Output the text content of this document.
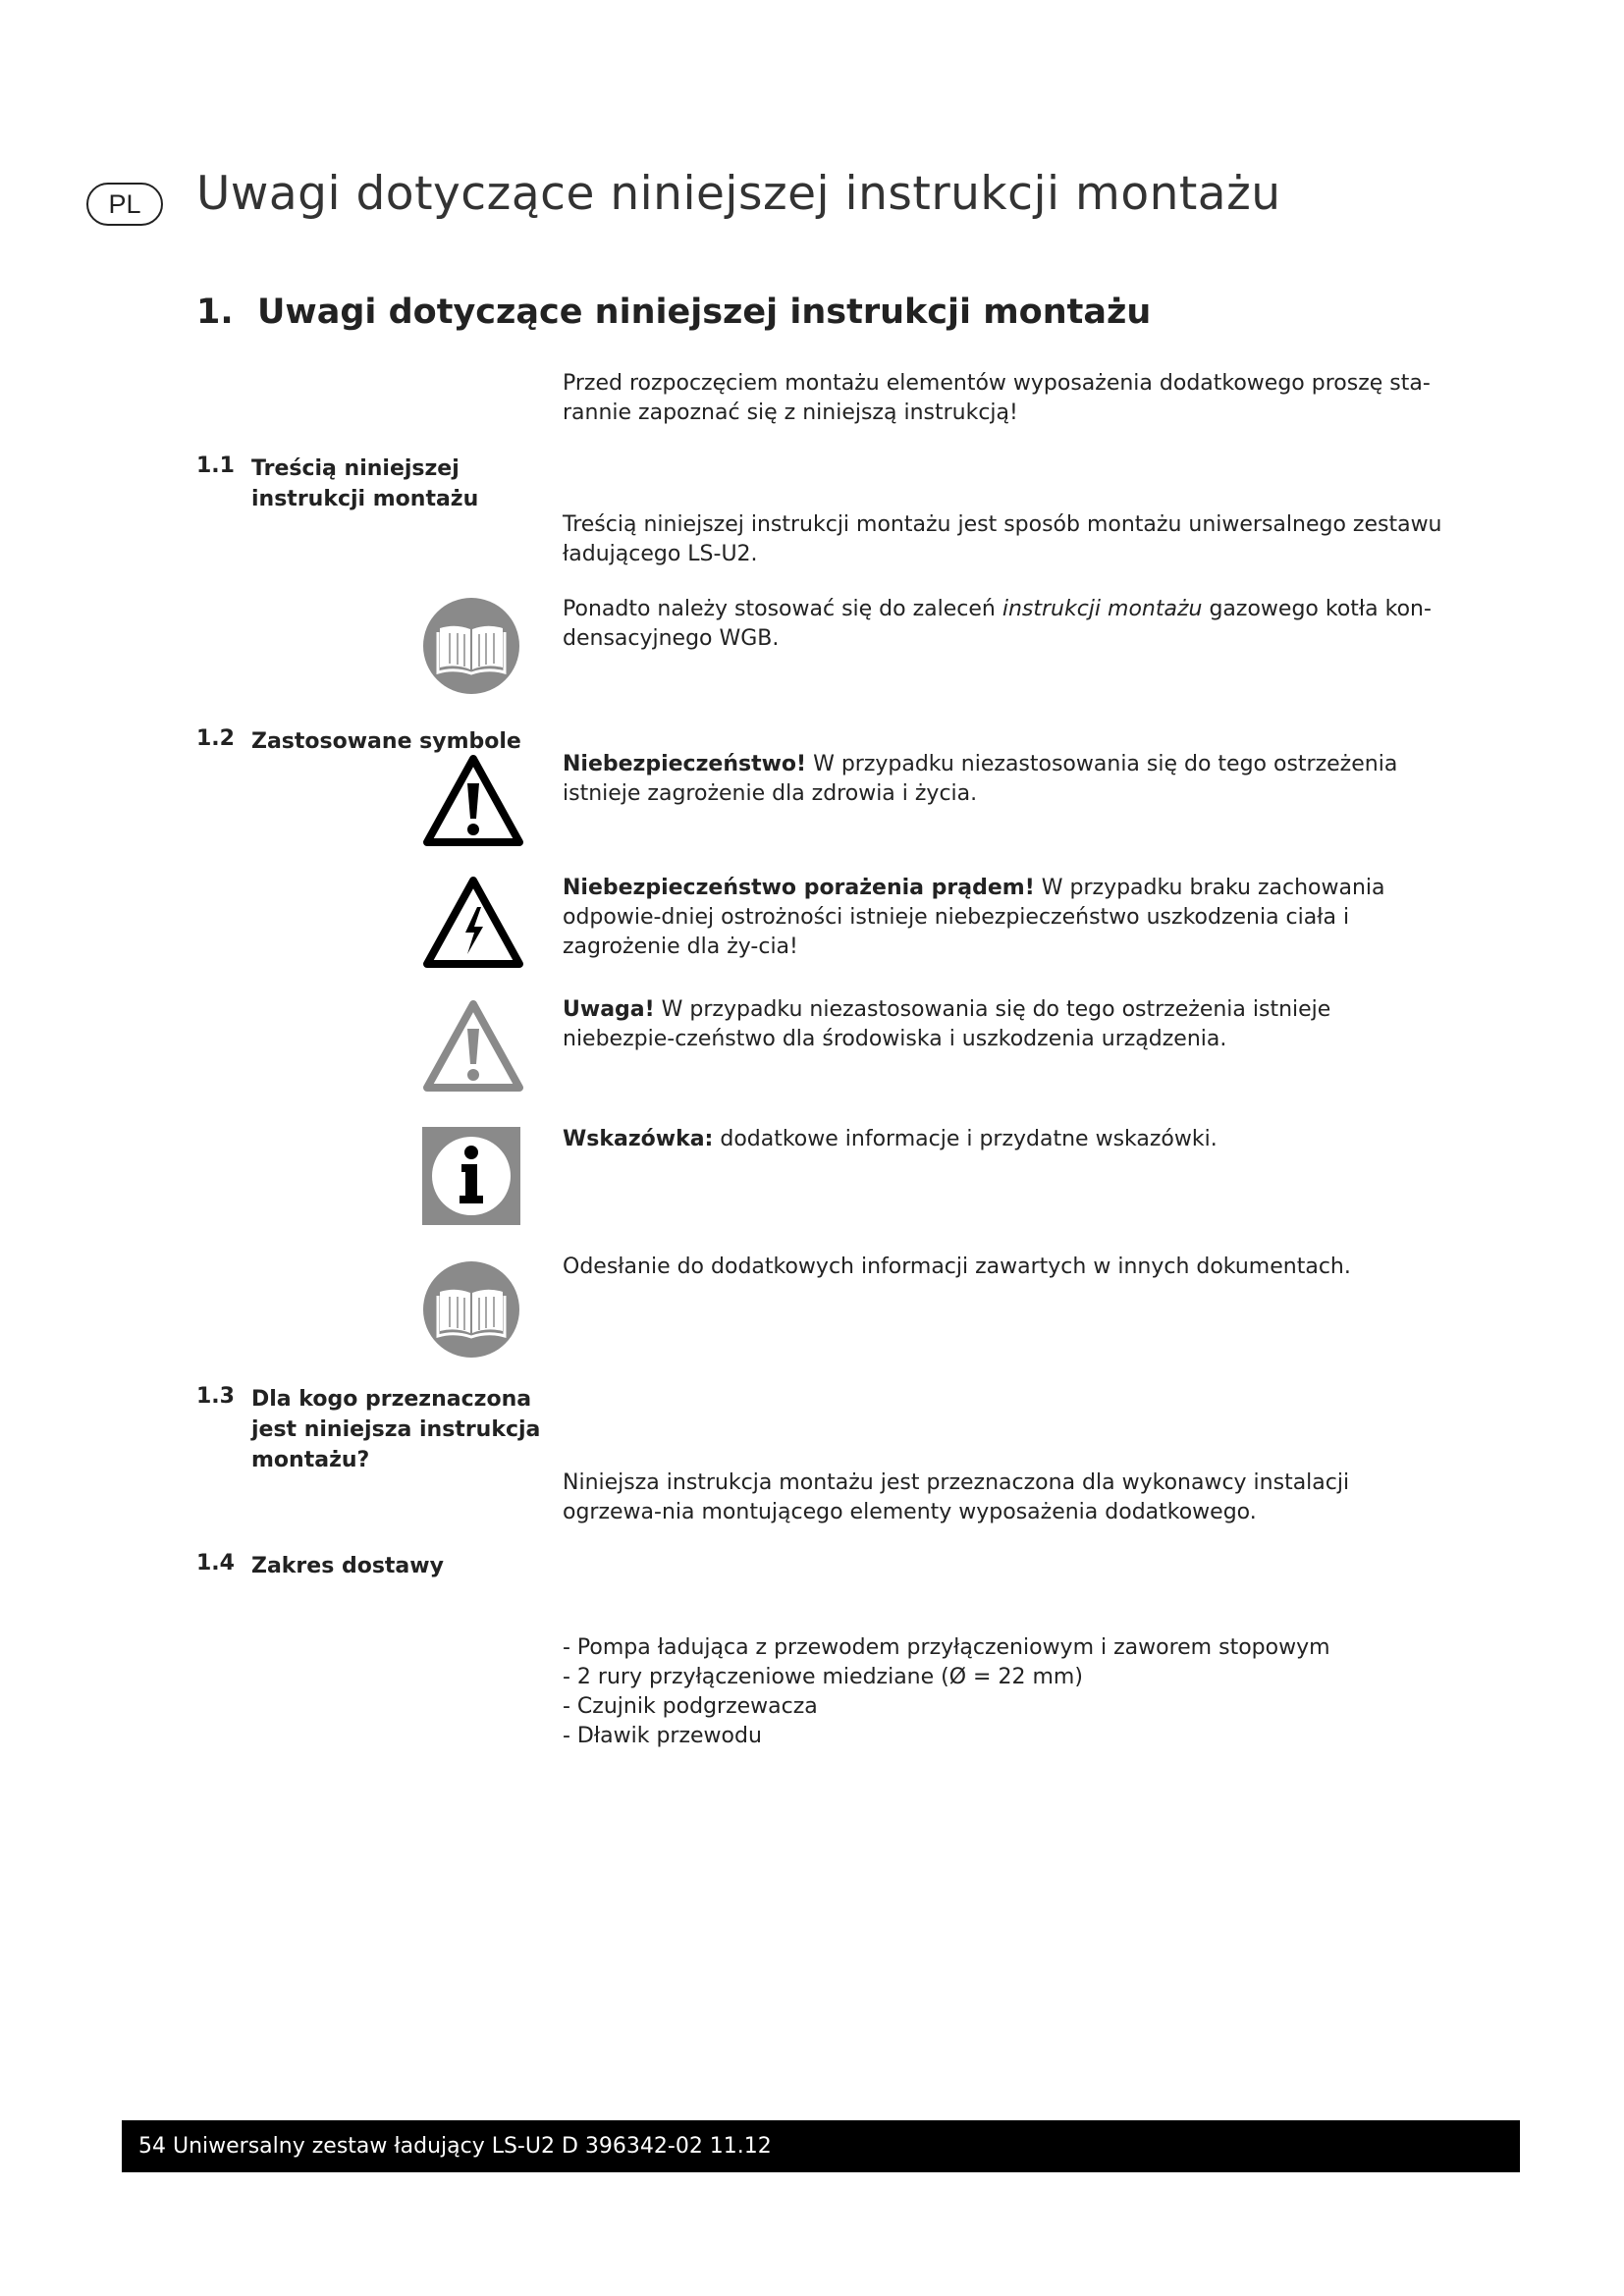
PL	Uwagi dotyczące niniejszej instrukcji montażu
1. Uwagi dotyczące niniejszej instrukcji montażu

Przed rozpoczęciem montażu elementów wyposażenia dodatkowego proszę sta-rannie zapoznać się z niniejszą instrukcją!

1.1 Treścią niniejszej instrukcji montażu

Treścią niniejszej instrukcji montażu jest sposób montażu uniwersalnego zestawu ładującego LS-U2.

Ponadto należy stosować się do zaleceń instrukcji montażu gazowego kotła kon-densacyjnego WGB.

1.2 Zastosowane symbole

Niebezpieczeństwo! W przypadku niezastosowania się do tego ostrzeżenia istnieje zagrożenie dla zdrowia i życia.

Niebezpieczeństwo porażenia prądem! W przypadku braku zachowania odpowie-dniej ostrożności istnieje niebezpieczeństwo uszkodzenia ciała i zagrożenie dla ży-cia!

Uwaga! W przypadku niezastosowania się do tego ostrzeżenia istnieje niebezpie-czeństwo dla środowiska i uszkodzenia urządzenia.

Wskazówka: dodatkowe informacje i przydatne wskazówki.

Odesłanie do dodatkowych informacji zawartych w innych dokumentach.

1.3 Dla kogo przeznaczona jest niniejsza instrukcja montażu?

Niniejsza instrukcja montażu jest przeznaczona dla wykonawcy instalacji ogrzewa-nia montującego elementy wyposażenia dodatkowego.

1.4 Zakres dostawy
- Pompa ładująca z przewodem przyłączeniowym i zaworem stopowym
- 2 rury przyłączeniowe miedziane (Ø = 22 mm)
- Czujnik podgrzewacza
- Dławik przewodu
54 Uniwersalny zestaw ładujący LS-U2 D 396342-02 11.12
